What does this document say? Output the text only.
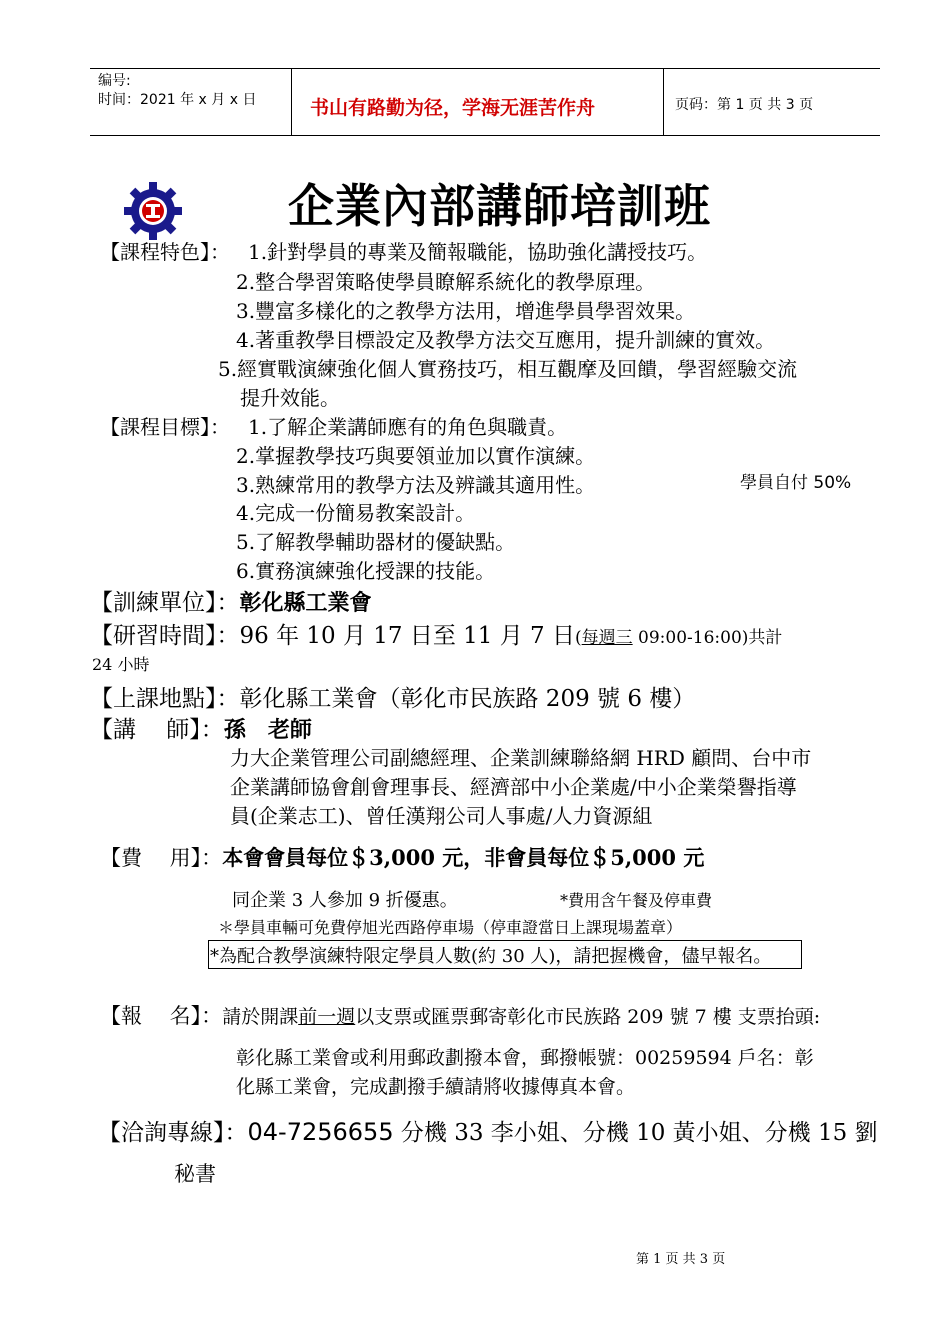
编号:
时间：2021 年 x 月 x 日	书山有路勤为径，学海无涯苦作舟	页码：第 1 页 共 3 页
企業內部講師培訓班
【課程特色】： 1.針對學員的專業及簡報職能，協助強化講授技巧。
2.整合學習策略使學員瞭解系統化的教學原理。
3.豐富多樣化的之教學方法用，增進學員學習效果。
4.著重教學目標設定及教學方法交互應用，提升訓練的實效。
5.經實戰演練強化個人實務技巧，相互觀摩及回饋，學習經驗交流
提升效能。
【課程目標】： 1.了解企業講師應有的角色與職責。
2.掌握教學技巧與要領並加以實作演練。
3.熟練常用的教學方法及辨識其適用性。	學員自付 50%
4.完成一份簡易教案設計。
5.了解教學輔助器材的優缺點。
6.實務演練強化授課的技能。
【訓練單位】：彰化縣工業會
【研習時間】：96 年 10 月 17 日至 11 月 7 日(每週三 09:00-16:00)共計
24 小時
【上課地點】：彰化縣工業會（彰化市民族路 209 號 6 樓）
【講　 師】：孫　老師
力大企業管理公司副總經理、企業訓練聯絡網 HRD 顧問、台中市
企業講師協會創會理事長、經濟部中小企業處/中小企業榮譽指導
員(企業志工)、曾任漢翔公司人事處/人力資源組
【費　 用】：本會會員每位＄3,000 元，非會員每位＄5,000 元
同企業 3 人參加 9 折優惠。	*費用含午餐及停車費
＊學員車輛可免費停旭光西路停車場（停車證當日上課現場蓋章）
*為配合教學演練特限定學員人數(約 30 人)，請把握機會，儘早報名。
【報　 名】：請於開課前一週以支票或匯票郵寄彰化市民族路 209 號 7 樓 支票抬頭:
彰化縣工業會或利用郵政劃撥本會，郵撥帳號：00259594 戶名：彰
化縣工業會，完成劃撥手續請將收據傳真本會。
【洽詢專線】：04-7256655 分機 33 李小姐、分機 10 黃小姐、分機 15 劉
秘書
第 1 页 共 3 页
